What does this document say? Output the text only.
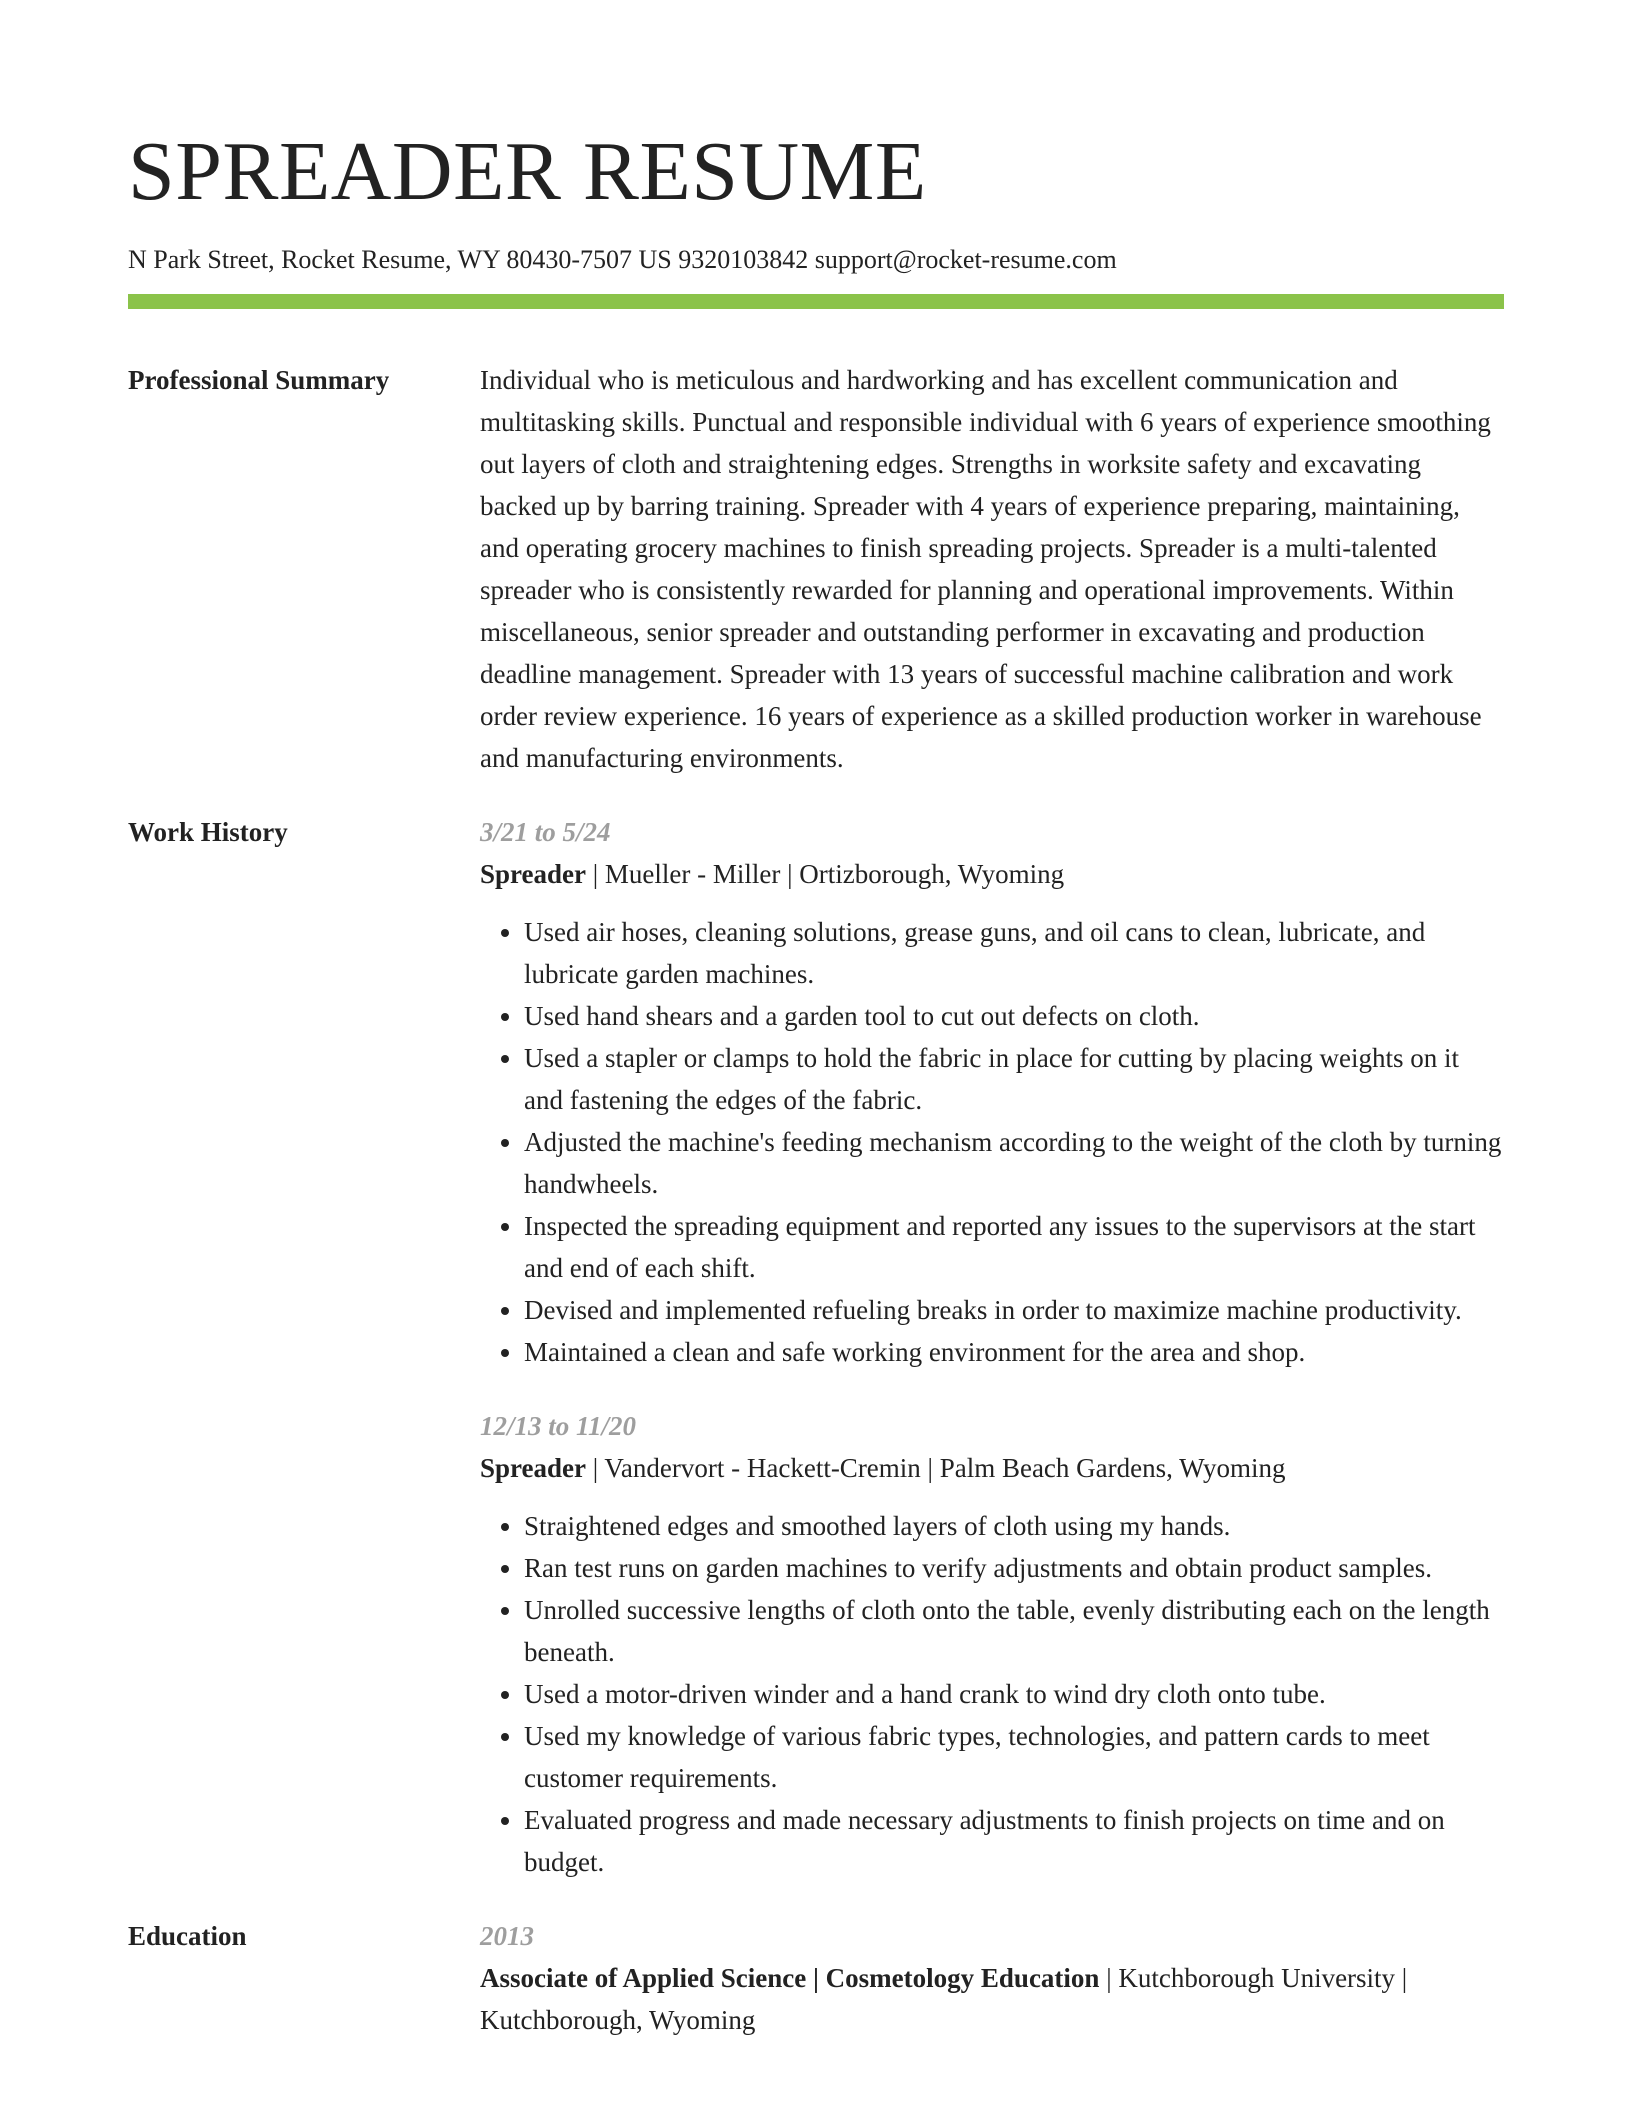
SPREADER RESUME
N Park Street, Rocket Resume, WY 80430-7507 US 9320103842 support@rocket-resume.com
Professional Summary	Individual who is meticulous and hardworking and has excellent communication and multitasking skills. Punctual and responsible individual with 6 years of experience smoothing out layers of cloth and straightening edges. Strengths in worksite safety and excavating backed up by barring training. Spreader with 4 years of experience preparing, maintaining, and operating grocery machines to finish spreading projects. Spreader is a multi-talented spreader who is consistently rewarded for planning and operational improvements. Within miscellaneous, senior spreader and outstanding performer in excavating and production deadline management. Spreader with 13 years of successful machine calibration and work order review experience. 16 years of experience as a skilled production worker in warehouse and manufacturing environments.

Work History	3/21 to 5/24

Spreader | Mueller - Miller | Ortizborough, Wyoming

• Used air hoses, cleaning solutions, grease guns, and oil cans to clean, lubricate, and lubricate garden machines.
• Used hand shears and a garden tool to cut out defects on cloth.
• Used a stapler or clamps to hold the fabric in place for cutting by placing weights on it and fastening the edges of the fabric.
• Adjusted the machine's feeding mechanism according to the weight of the cloth by turning handwheels.
• Inspected the spreading equipment and reported any issues to the supervisors at the start and end of each shift.
• Devised and implemented refueling breaks in order to maximize machine productivity.
• Maintained a clean and safe working environment for the area and shop.
12/13 to 11/20

Spreader | Vandervort - Hackett-Cremin | Palm Beach Gardens, Wyoming

• Straightened edges and smoothed layers of cloth using my hands.
• Ran test runs on garden machines to verify adjustments and obtain product samples.
• Unrolled successive lengths of cloth onto the table, evenly distributing each on the length beneath.
• Used a motor-driven winder and a hand crank to wind dry cloth onto tube.
• Used my knowledge of various fabric types, technologies, and pattern cards to meet customer requirements.
• Evaluated progress and made necessary adjustments to finish projects on time and on budget.
Education	2013

Associate of Applied Science | Cosmetology Education | Kutchborough University | Kutchborough, Wyoming
